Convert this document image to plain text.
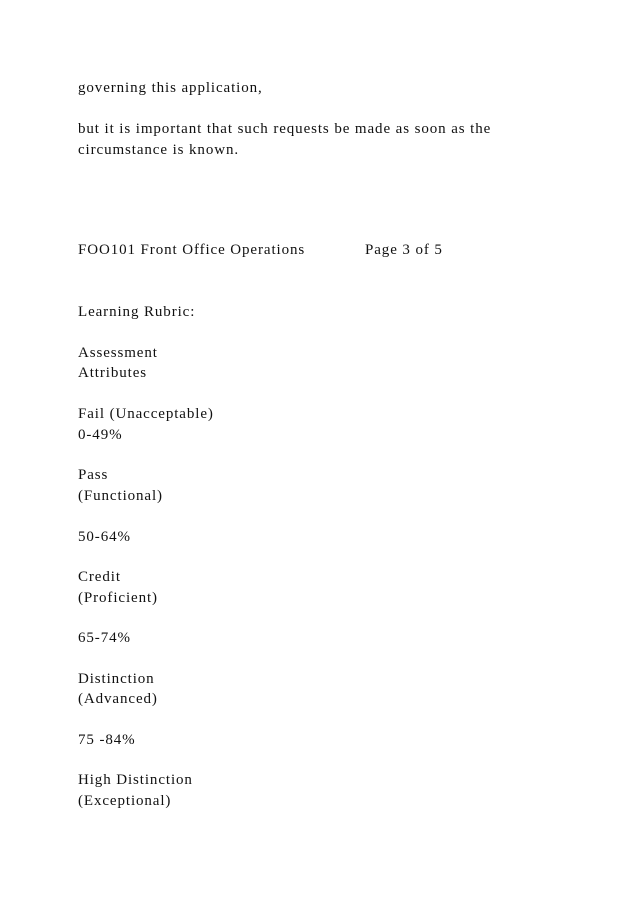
governing this application,
but it is important that such requests be made as soon as the
circumstance is known.
FOO101 Front Office Operations	Page 3 of 5
Learning Rubric:
Assessment
Attributes
Fail (Unacceptable)
0-49%
Pass
(Functional)
50-64%
Credit
(Proficient)
65-74%
Distinction
(Advanced)
75 -84%
High Distinction
(Exceptional)
